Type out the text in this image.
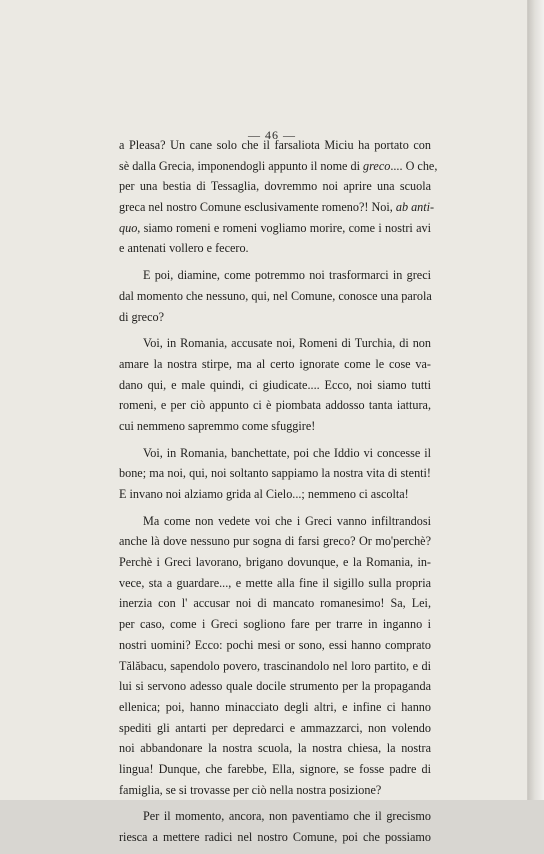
— 46 —
a Pleasa? Un cane solo che il farsaliota Miciu ha portato con
sè dalla Grecia, imponendogli appunto il nome di greco.... O che,
per una bestia di Tessaglia, dovremmo noi aprire una scuola
greca nel nostro Comune esclusivamente romeno?! Noi, ab anti-
quo, siamo romeni e romeni vogliamo morire, come i nostri avi
e antenati vollero e fecero.
E poi, diamine, come potremmo noi trasformarci in greci
dal momento che nessuno, qui, nel Comune, conosce una parola
di greco?
Voi, in Romania, accusate noi, Romeni di Turchia, di non
amare la nostra stirpe, ma al certo ignorate come le cose va-
dano qui, e male quindi, ci giudicate.... Ecco, noi siamo tutti
romeni, e per ciò appunto ci è piombata addosso tanta iattura,
cui nemmeno sapremmo come sfuggire!
Voi, in Romania, banchettate, poi che Iddio vi concesse il
bone; ma noi, qui, noi soltanto sappiamo la nostra vita di stenti!
E invano noi alziamo grida al Cielo...; nemmeno ci ascolta!
Ma come non vedete voi che i Greci vanno infiltrandosi
anche là dove nessuno pur sogna di farsi greco? Or mo'perchè?
Perchè i Greci lavorano, brigano dovunque, e la Romania, in-
vece, sta a guardare..., e mette alla fine il sigillo sulla propria
inerzia con l' accusar noi di mancato romanesimo! Sa, Lei,
per caso, come i Greci sogliono fare per trarre in inganno i
nostri uomini? Ecco: pochi mesi or sono, essi hanno comprato
Tălăbacu, sapendolo povero, trascinandolo nel loro partito, e di
lui si servono adesso quale docile strumento per la propaganda
ellenica; poi, hanno minacciato degli altri, e infine ci hanno
spediti gli antarti per depredarci e ammazzarci, non volendo
noi abbandonare la nostra scuola, la nostra chiesa, la nostra
lingua! Dunque, che farebbe, Ella, signore, se fosse padre di
famiglia, se si trovasse per ciò nella nostra posizione?
Per il momento, ancora, non paventiamo che il grecismo
riesca a mettere radici nel nostro Comune, poi che possiamo
